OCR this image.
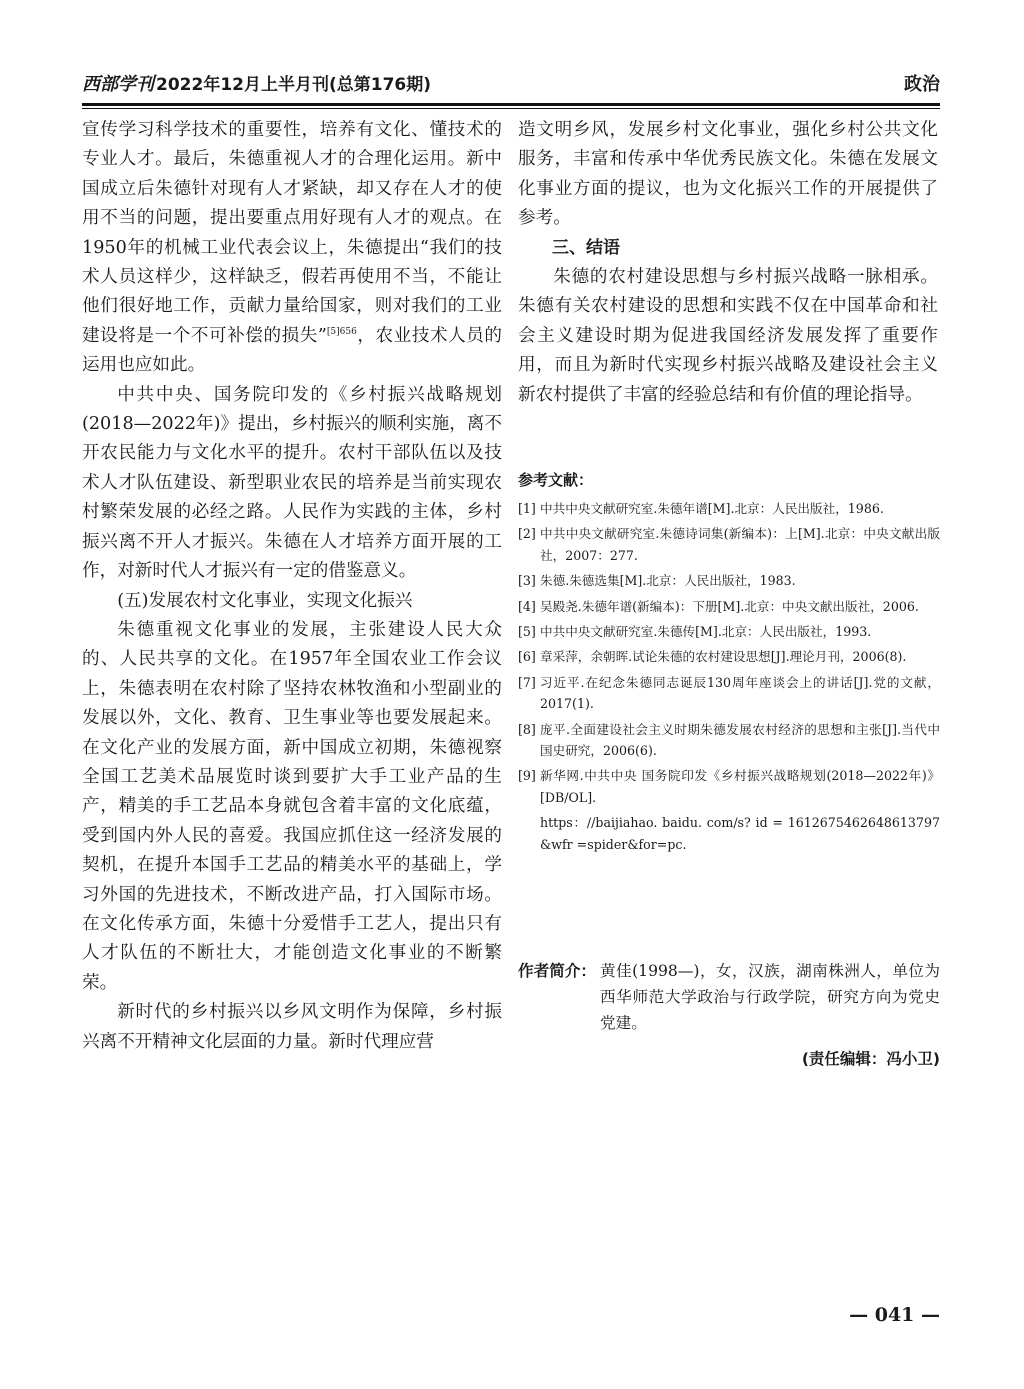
西部学刊 2022年12月上半月刊(总第176期)	政治

宣传学习科学技术的重要性，培养有文化、懂技术的专业人才。最后，朱德重视人才的合理化运用。新中国成立后朱德针对现有人才紧缺，却又存在人才的使用不当的问题，提出要重点用好现有人才的观点。在1950年的机械工业代表会议上，朱德提出“我们的技术人员这样少，这样缺乏，假若再使用不当，不能让他们很好地工作，贡献力量给国家，则对我们的工业建设将是一个不可补偿的损失”$^{[5]656}$，农业技术人员的运用也应如此。

中共中央、国务院印发的《乡村振兴战略规划(2018—2022年)》提出，乡村振兴的顺利实施，离不开农民能力与文化水平的提升。农村干部队伍以及技术人才队伍建设、新型职业农民的培养是当前实现农村繁荣发展的必经之路。人民作为实践的主体，乡村振兴离不开人才振兴。朱德在人才培养方面开展的工作，对新时代人才振兴有一定的借鉴意义。

(五)发展农村文化事业，实现文化振兴

朱德重视文化事业的发展，主张建设人民大众的、人民共享的文化。在1957年全国农业工作会议上，朱德表明在农村除了坚持农林牧渔和小型副业的发展以外，文化、教育、卫生事业等也要发展起来。在文化产业的发展方面，新中国成立初期，朱德视察全国工艺美术品展览时谈到要扩大手工业产品的生产，精美的手工艺品本身就包含着丰富的文化底蕴，受到国内外人民的喜爱。我国应抓住这一经济发展的契机，在提升本国手工艺品的精美水平的基础上，学习外国的先进技术，不断改进产品，打入国际市场。在文化传承方面，朱德十分爱惜手工艺人，提出只有人才队伍的不断壮大，才能创造文化事业的不断繁荣。

新时代的乡村振兴以乡风文明作为保障，乡村振兴离不开精神文化层面的力量。新时代理应营

造文明乡风，发展乡村文化事业，强化乡村公共文化服务，丰富和传承中华优秀民族文化。朱德在发展文化事业方面的提议，也为文化振兴工作的开展提供了参考。

三、结语

朱德的农村建设思想与乡村振兴战略一脉相承。朱德有关农村建设的思想和实践不仅在中国革命和社会主义建设时期为促进我国经济发展发挥了重要作用，而且为新时代实现乡村振兴战略及建设社会主义新农村提供了丰富的经验总结和有价值的理论指导。

参考文献：
[1] 中共中央文献研究室.朱德年谱[M].北京：人民出版社，1986.
[2] 中共中央文献研究室.朱德诗词集(新编本)：上[M].北京：中央文献出版社，2007：277.
[3] 朱德.朱德选集[M].北京：人民出版社，1983.
[4] 吴殿尧.朱德年谱(新编本)：下册[M].北京：中央文献出版社，2006.
[5] 中共中央文献研究室.朱德传[M].北京：人民出版社，1993.
[6] 章采萍，余朝晖.试论朱德的农村建设思想[J].理论月刊，2006(8).
[7] 习近平.在纪念朱德同志诞辰130周年座谈会上的讲话[J].党的文献，2017(1).
[8] 庞平.全面建设社会主义时期朱德发展农村经济的思想和主张[J].当代中国史研究，2006(6).
[9] 新华网.中共中央 国务院印发《乡村振兴战略规划(2018—2022年)》[DB/OL].
https：//baijiahao. baidu. com/s? id = 1612675462648613797&wfr =spider&for=pc.
作者简介： 黄佳(1998—)，女，汉族，湖南株洲人，单位为西华师范大学政治与行政学院，研究方向为党史党建。
(责任编辑：冯小卫)
— 041 —
